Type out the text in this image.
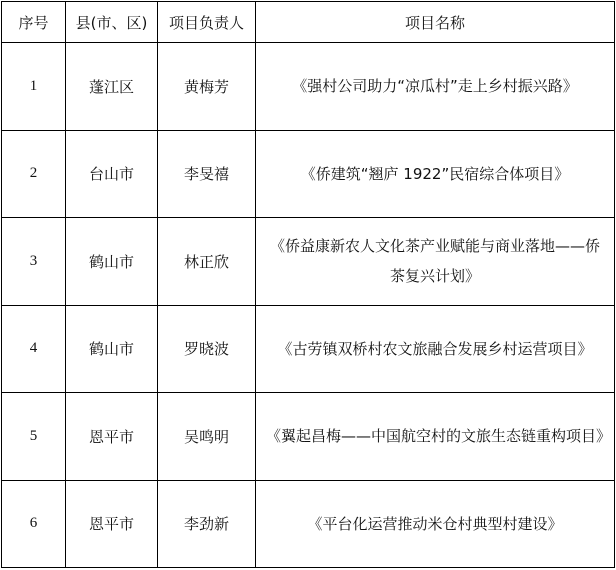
序号	县(市、区)	项目负责人	项目名称
1	蓬江区	黄梅芳	《强村公司助力“凉瓜村”走上乡村振兴路》
2	台山市	李旻禧	《侨建筑“翘庐 1922”民宿综合体项目》
3	鹤山市	林正欣	《侨益康新农人文化茶产业赋能与商业落地——侨茶复兴计划》
4	鹤山市	罗晓波	《古劳镇双桥村农文旅融合发展乡村运营项目》
5	恩平市	吴鸣明	《翼起昌梅——中国航空村的文旅生态链重构项目》
6	恩平市	李劲新	《平台化运营推动米仓村典型村建设》
